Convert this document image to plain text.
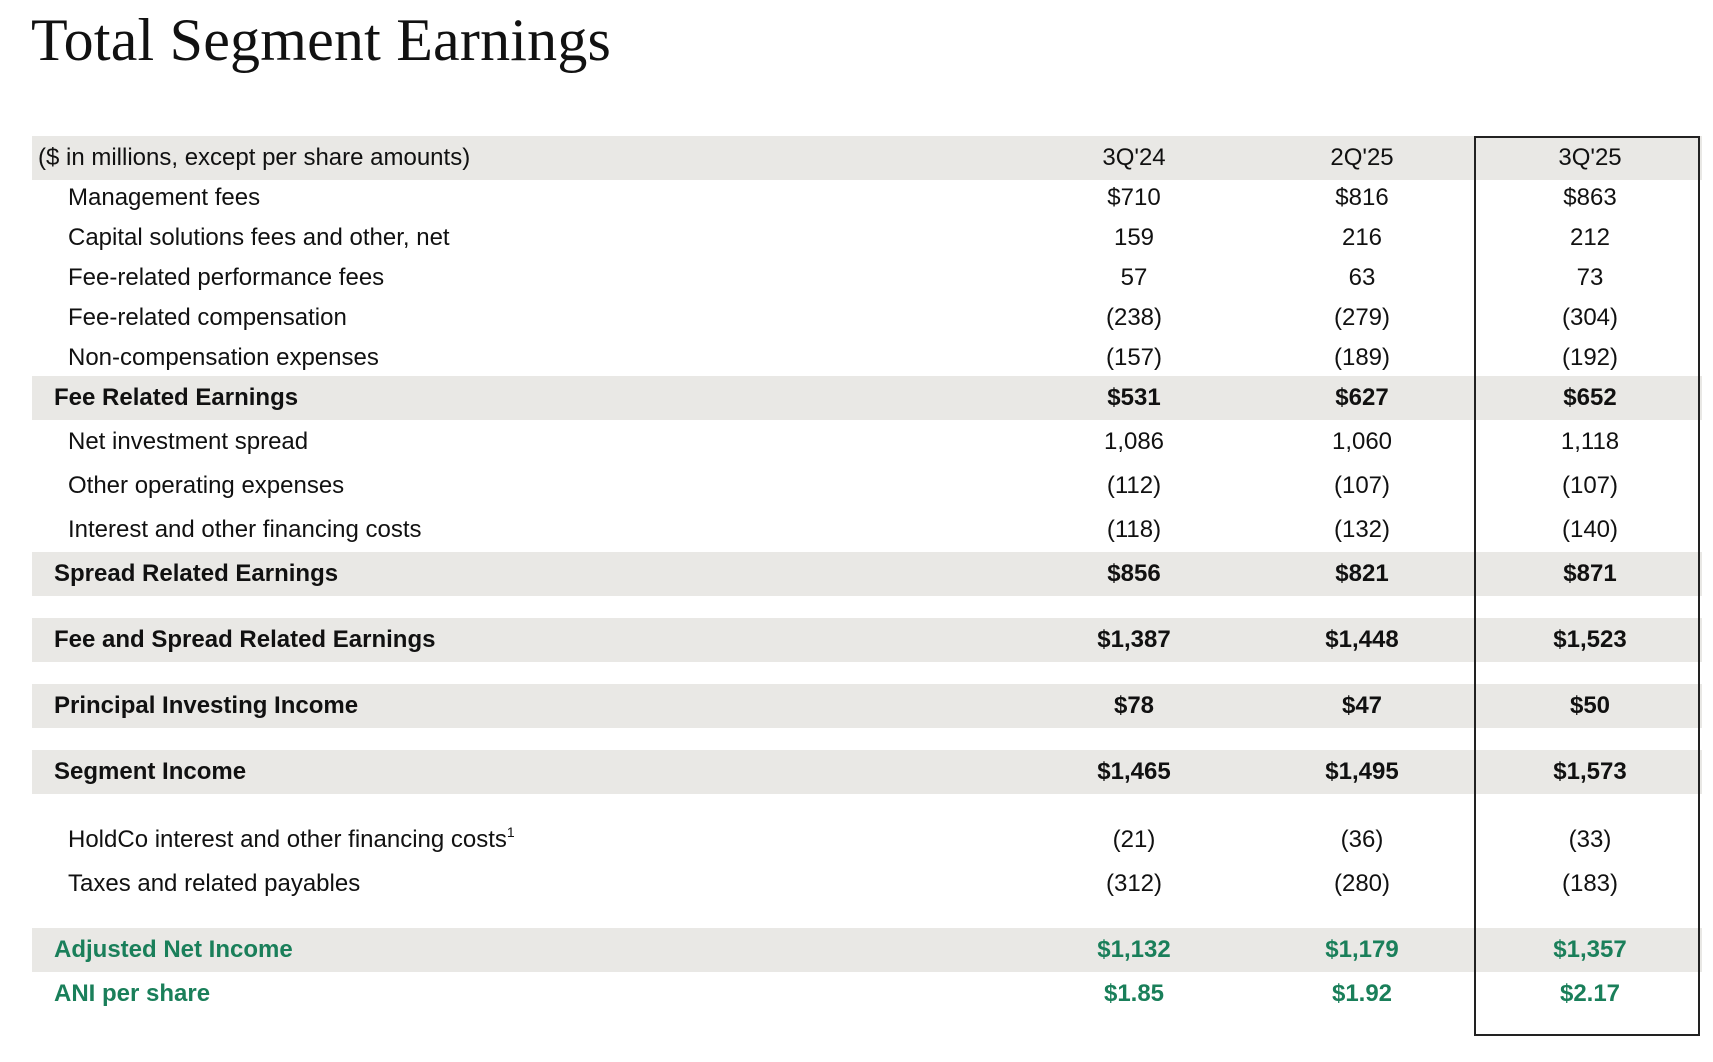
Total Segment Earnings
($ in millions, except per share amounts)	3Q'24	2Q'25	3Q'25
Management fees	$710	$816	$863
Capital solutions fees and other, net	159	216	212
Fee-related performance fees	57	63	73
Fee-related compensation	(238)	(279)	(304)
Non-compensation expenses	(157)	(189)	(192)
Fee Related Earnings	$531	$627	$652
Net investment spread	1,086	1,060	1,118
Other operating expenses	(112)	(107)	(107)
Interest and other financing costs	(118)	(132)	(140)
Spread Related Earnings	$856	$821	$871
Fee and Spread Related Earnings	$1,387	$1,448	$1,523
Principal Investing Income	$78	$47	$50
Segment Income	$1,465	$1,495	$1,573
HoldCo interest and other financing costs$^1$	(21)	(36)	(33)
Taxes and related payables	(312)	(280)	(183)
Adjusted Net Income	$1,132	$1,179	$1,357
ANI per share	$1.85	$1.92	$2.17
